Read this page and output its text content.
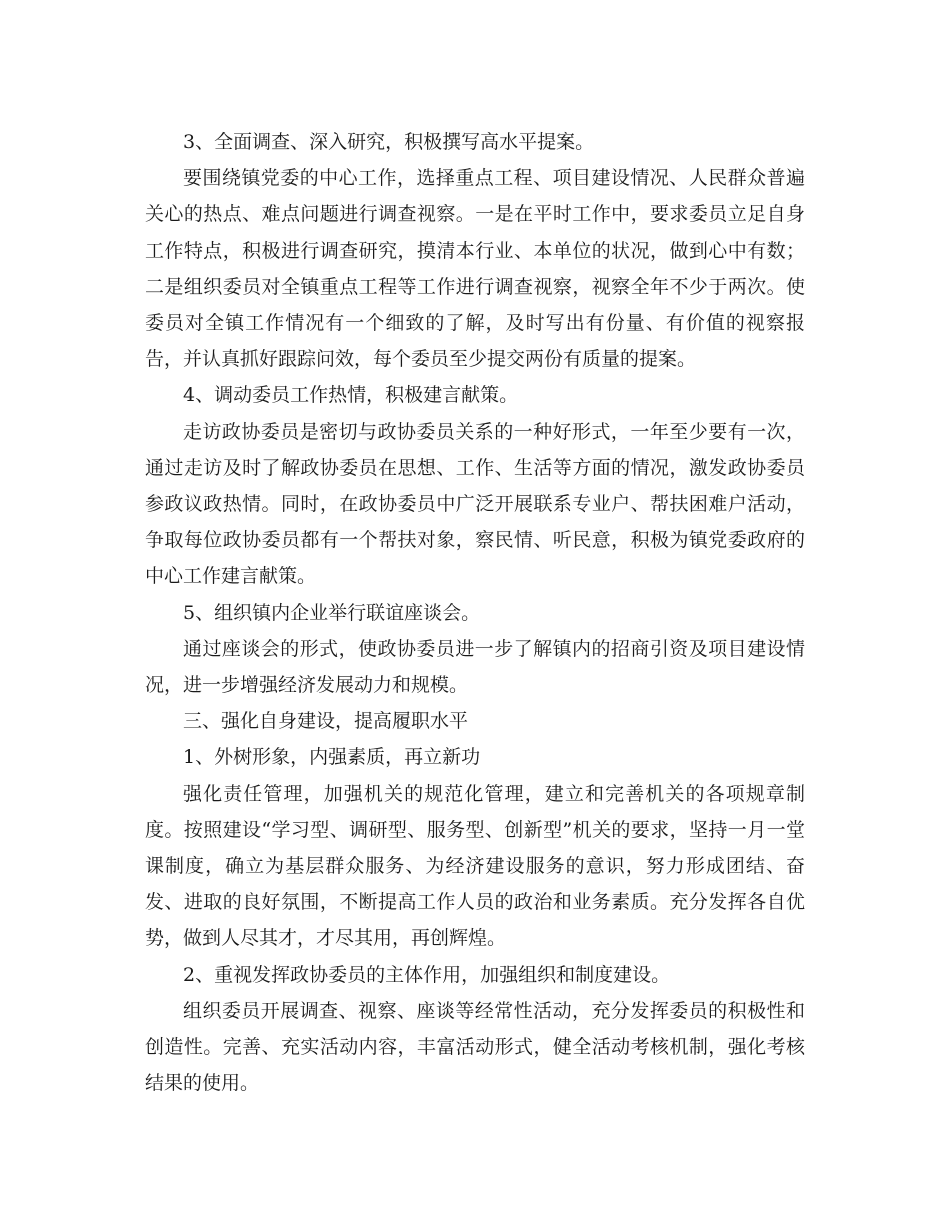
3、全面调查、深入研究，积极撰写高水平提案。

要围绕镇党委的中心工作，选择重点工程、项目建设情况、人民群众普遍关心的热点、难点问题进行调查视察。一是在平时工作中，要求委员立足自身工作特点，积极进行调查研究，摸清本行业、本单位的状况，做到心中有数；二是组织委员对全镇重点工程等工作进行调查视察，视察全年不少于两次。使委员对全镇工作情况有一个细致的了解，及时写出有份量、有价值的视察报告，并认真抓好跟踪问效，每个委员至少提交两份有质量的提案。

4、调动委员工作热情，积极建言献策。

走访政协委员是密切与政协委员关系的一种好形式，一年至少要有一次，通过走访及时了解政协委员在思想、工作、生活等方面的情况，激发政协委员参政议政热情。同时，在政协委员中广泛开展联系专业户、帮扶困难户活动，争取每位政协委员都有一个帮扶对象，察民情、听民意，积极为镇党委政府的中心工作建言献策。

5、组织镇内企业举行联谊座谈会。

通过座谈会的形式，使政协委员进一步了解镇内的招商引资及项目建设情况，进一步增强经济发展动力和规模。

三、强化自身建设，提高履职水平

1、外树形象，内强素质，再立新功

强化责任管理，加强机关的规范化管理，建立和完善机关的各项规章制度。按照建设“学习型、调研型、服务型、创新型”机关的要求，坚持一月一堂课制度，确立为基层群众服务、为经济建设服务的意识，努力形成团结、奋发、进取的良好氛围，不断提高工作人员的政治和业务素质。充分发挥各自优势，做到人尽其才，才尽其用，再创辉煌。

2、重视发挥政协委员的主体作用，加强组织和制度建设。

组织委员开展调查、视察、座谈等经常性活动，充分发挥委员的积极性和创造性。完善、充实活动内容，丰富活动形式，健全活动考核机制，强化考核结果的使用。
